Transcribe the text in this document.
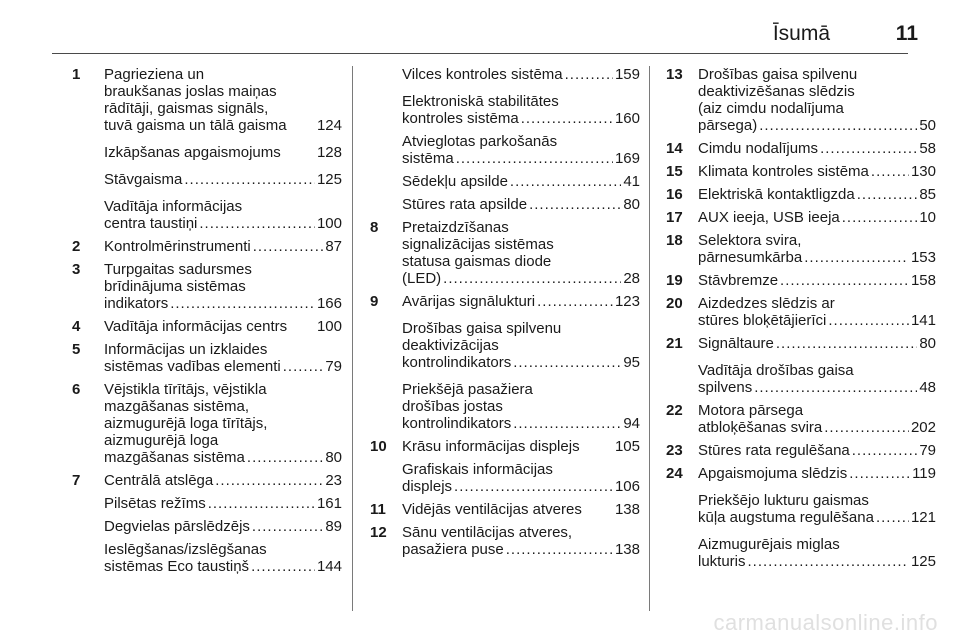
Īsumā	11
1 Pagrieziena un
braukšanas joslas maiņas
rādītāji, gaismas signāls,
tuvā gaisma un tālā gaisma 124
Izkāpšanas apgaismojums 128
Stāvgaisma .....	125
Vadītāja informācijas
centra taustiņi .....	100
2 Kontrolmērinstrumenti .....	87
3 Turpgaitas sadursmes
brīdinājuma sistēmas
indikators .....	166
4 Vadītāja informācijas centrs 100
5 Informācijas un izklaides
sistēmas vadības elementi .....	79
6 Vējstikla tīrītājs, vējstikla
mazgāšanas sistēma,
aizmugurējā loga tīrītājs,
aizmugurējā loga
mazgāšanas sistēma .....	80
7 Centrālā atslēga .....	23
Pilsētas režīms .....	161
Degvielas pārslēdzējs .....	89
Ieslēgšanas/izslēgšanas
sistēmas Eco taustiņš .....	144
Vilces kontroles sistēma .....	159
Elektroniskā stabilitātes
kontroles sistēma .....	160
Atvieglotas parkošanās
sistēma .....	169
Sēdekļu apsilde .....	41
Stūres rata apsilde .....	80
8 Pretaizdzīšanas
signalizācijas sistēmas
statusa gaismas diode
(LED) .....	28
9 Avārijas signālukturi .....	123
Drošības gaisa spilvenu
deaktivizācijas
kontrolindikators .....	95
Priekšējā pasažiera
drošības jostas
kontrolindikators .....	94
10 Krāsu informācijas displejs 105
Grafiskais informācijas
displejs .....	106
11 Vidējās ventilācijas atveres 138
12 Sānu ventilācijas atveres,
pasažiera puse .....	138
13 Drošības gaisa spilvenu
deaktivizēšanas slēdzis
(aiz cimdu nodalījuma
pārsega) .....	50
14 Cimdu nodalījums .....	58
15 Klimata kontroles sistēma .....	130
16 Elektriskā kontaktligzda .....	85
17 AUX ieeja, USB ieeja .....	10
18 Selektora svira,
pārnesumkārba .....	153
19 Stāvbremze .....	158
20 Aizdedzes slēdzis ar
stūres bloķētājierīci .....	141
21 Signāltaure .....	80
Vadītāja drošības gaisa
spilvens .....	48
22 Motora pārsega
atbloķēšanas svira .....	202
23 Stūres rata regulēšana .....	79
24 Apgaismojuma slēdzis .....	119
Priekšējo lukturu gaismas
kūļa augstuma regulēšana ..... 121
Aizmugurējais miglas
lukturis .....	125
carmanualsonline.info
